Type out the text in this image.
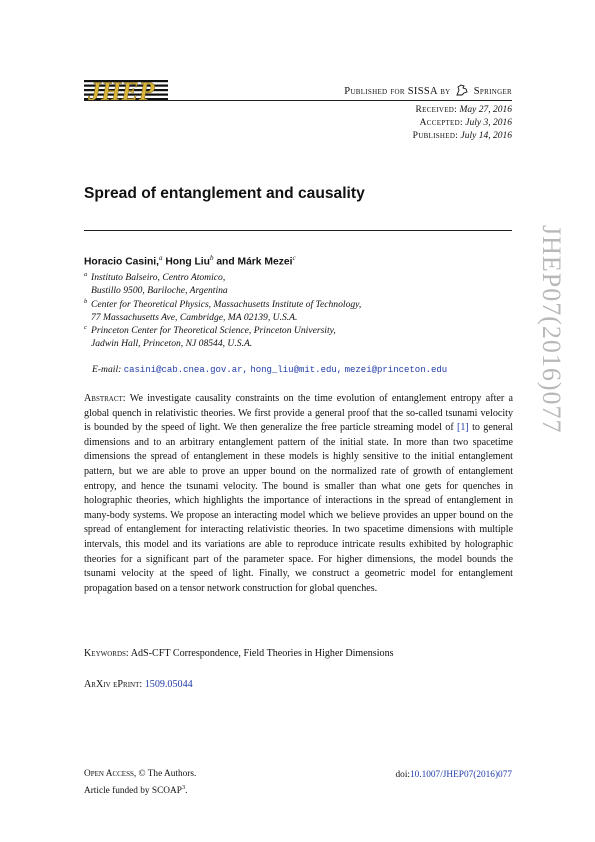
JHEP	Published for SISSA by Springer
Received: May 27, 2016
Accepted: July 3, 2016
Published: July 14, 2016
Spread of entanglement and causality
Horacio Casini,$^a$ Hong Liu$^b$ and Márk Mezei$^c$
a Instituto Balseiro, Centro Atomico,
Bustillo 9500, Bariloche, Argentina
b Center for Theoretical Physics, Massachusetts Institute of Technology,
77 Massachusetts Ave, Cambridge, MA 02139, U.S.A.
c Princeton Center for Theoretical Science, Princeton University,
Jadwin Hall, Princeton, NJ 08544, U.S.A.
E-mail: casini@cab.cnea.gov.ar, hong_liu@mit.edu, mezei@princeton.edu
Abstract: We investigate causality constraints on the time evolution of entanglement entropy after a global quench in relativistic theories. We first provide a general proof that the so-called tsunami velocity is bounded by the speed of light. We then generalize the free particle streaming model of [1] to general dimensions and to an arbitrary entanglement pattern of the initial state. In more than two spacetime dimensions the spread of entanglement in these models is highly sensitive to the initial entanglement pattern, but we are able to prove an upper bound on the normalized rate of growth of entanglement entropy, and hence the tsunami velocity. The bound is smaller than what one gets for quenches in holographic theories, which highlights the importance of interactions in the spread of entanglement in many-body systems. We propose an interacting model which we believe provides an upper bound on the spread of entanglement for interacting relativistic theories. In two spacetime dimensions with multiple intervals, this model and its variations are able to reproduce intricate results exhibited by holographic theories for a significant part of the parameter space. For higher dimensions, the model bounds the tsunami velocity at the speed of light. Finally, we construct a geometric model for entanglement propagation based on a tensor network construction for global quenches.
Keywords: AdS-CFT Correspondence, Field Theories in Higher Dimensions
ArXiv ePrint: 1509.05044
JHEP07(2016)077
Open Access, © The Authors.
Article funded by SCOAP$^3$.
doi:10.1007/JHEP07(2016)077
